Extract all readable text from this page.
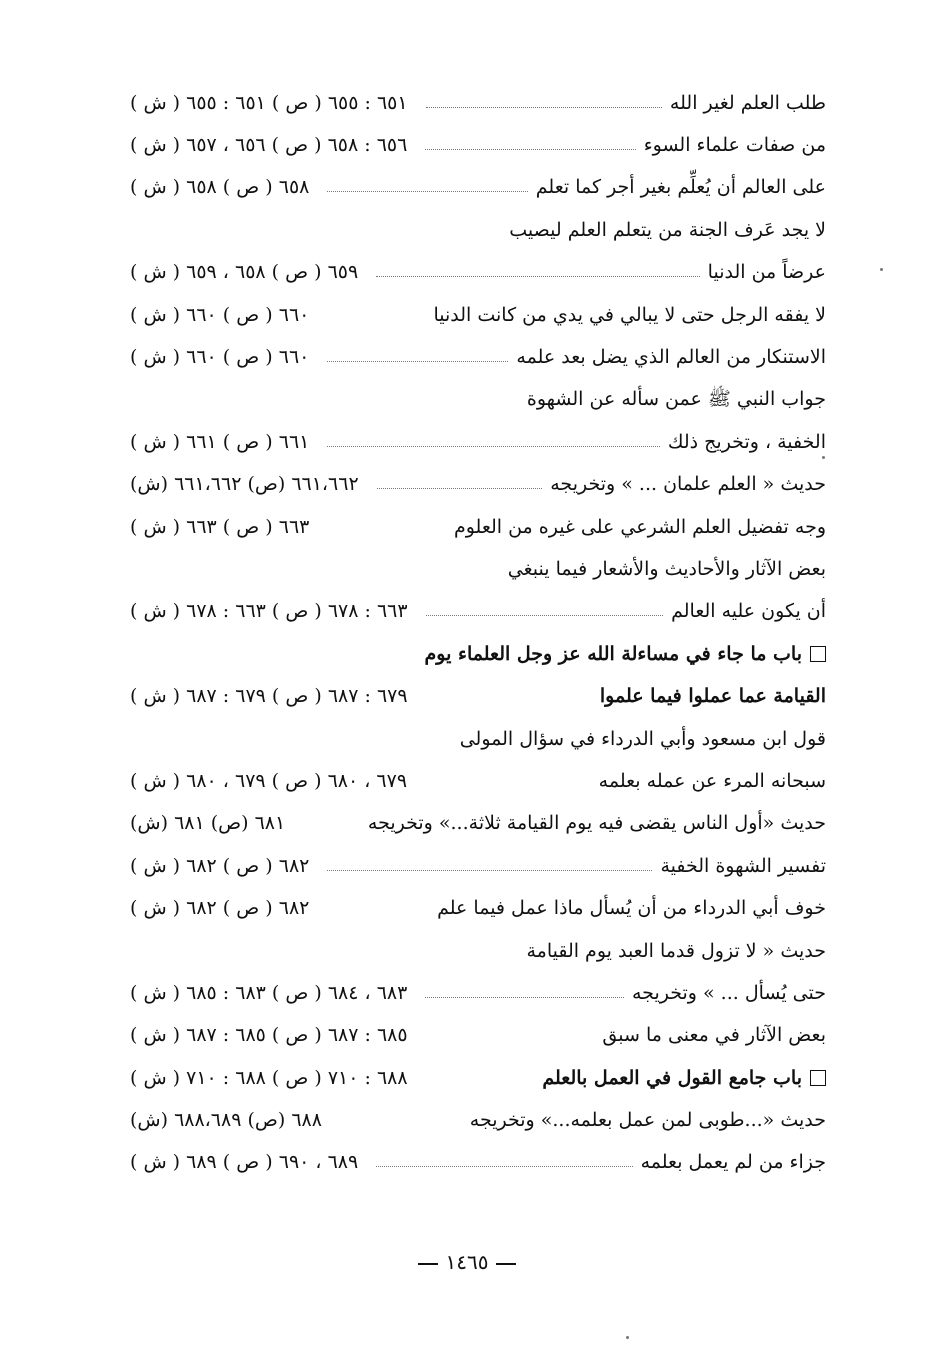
طلب العلم لغير الله
٦٥١ : ٦٥٥ ( ص ) ٦٥١ : ٦٥٥ ( ش )
من صفات علماء السوء
٦٥٦ : ٦٥٨ ( ص ) ٦٥٦ ، ٦٥٧ ( ش )
على العالم أن يُعلِّم بغير أجر كما تعلم
٦٥٨ ( ص ) ٦٥٨ ( ش )
لا يجد عَرف الجنة من يتعلم العلم ليصيب
عرضاً من الدنيا
٦٥٩ ( ص ) ٦٥٨ ، ٦٥٩ ( ش )
لا يفقه الرجل حتى لا يبالي في يدي من كانت الدنيا
٦٦٠ ( ص ) ٦٦٠ ( ش )
الاستنكار من العالم الذي يضل بعد علمه
٦٦٠ ( ص ) ٦٦٠ ( ش )
جواب النبي ﷺ عمن سأله عن الشهوة
الخفية ، وتخريج ذلك
٦٦١ ( ص ) ٦٦١ ( ش )
حديث « العلم علمان ... » وتخريجه
٦٦١،٦٦٢ (ص) ٦٦١،٦٦٢ (ش)
وجه تفضيل العلم الشرعي على غيره من العلوم
٦٦٣ ( ص ) ٦٦٣ ( ش )
بعض الآثار والأحاديث والأشعار فيما ينبغي
أن يكون عليه العالم
٦٦٣ : ٦٧٨ ( ص ) ٦٦٣ : ٦٧٨ ( ش )
باب ما جاء في مساءلة الله عز وجل العلماء يوم
القيامة عما عملوا فيما علموا
٦٧٩ : ٦٨٧ ( ص ) ٦٧٩ : ٦٨٧ ( ش )
قول ابن مسعود وأبي الدرداء في سؤال المولى
سبحانه المرء عن عمله بعلمه
٦٧٩ ، ٦٨٠ ( ص ) ٦٧٩ ، ٦٨٠ ( ش )
حديث «أول الناس يقضى فيه يوم القيامة ثلاثة...» وتخريجه
٦٨١ (ص) ٦٨١ (ش)
تفسير الشهوة الخفية
٦٨٢ ( ص ) ٦٨٢ ( ش )
خوف أبي الدرداء من أن يُسأل ماذا عمل فيما علم
٦٨٢ ( ص ) ٦٨٢ ( ش )
حديث « لا تزول قدما العبد يوم القيامة
حتى يُسأل ... » وتخريجه
٦٨٣ ، ٦٨٤ ( ص ) ٦٨٣ : ٦٨٥ ( ش )
بعض الآثار في معنى ما سبق
٦٨٥ : ٦٨٧ ( ص ) ٦٨٥ : ٦٨٧ ( ش )
باب جامع القول في العمل بالعلم
٦٨٨ : ٧١٠ ( ص ) ٦٨٨ : ٧١٠ ( ش )
حديث «...طوبى لمن عمل بعلمه...» وتخريجه
٦٨٨ (ص) ٦٨٨،٦٨٩ (ش)
جزاء من لم يعمل بعلمه
٦٨٩ ، ٦٩٠ ( ص ) ٦٨٩ ( ش )
١٤٦٥
